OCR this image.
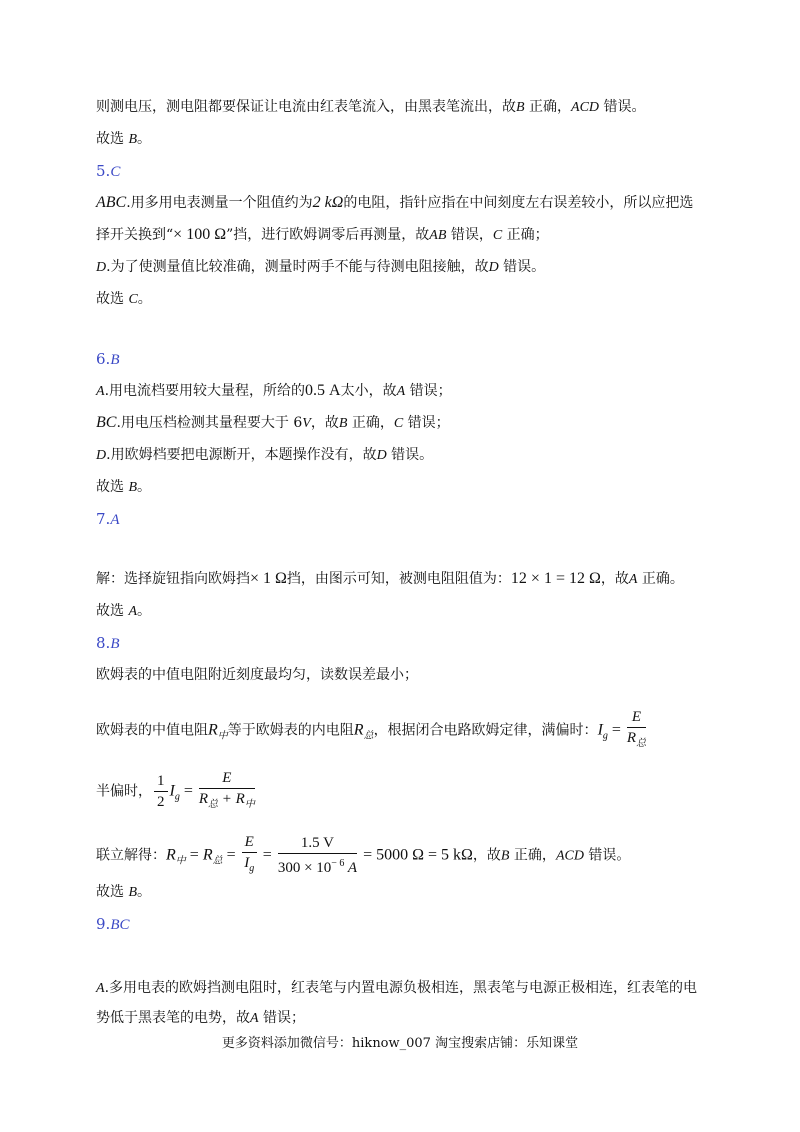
则测电压，测电阻都要保证让电流由红表笔流入，由黑表笔流出，故B 正确，ACD 错误。
故选 B。
5.C
ABC.用多用电表测量一个阻值约为2 kΩ的电阻，指针应指在中间刻度左右误差较小，所以应把选
择开关换到“× 100 Ω”挡，进行欧姆调零后再测量，故AB 错误，C 正确；
D.为了使测量值比较准确，测量时两手不能与待测电阻接触，故D 错误。
故选 C。
6.B
A.用电流档要用较大量程，所给的0.5 A太小，故A 错误；
BC.用电压档检测其量程要大于 6V，故B 正确，C 错误；
D.用欧姆档要把电源断开，本题操作没有，故D 错误。
故选 B。
7.A
解：选择旋钮指向欧姆挡× 1 Ω挡，由图示可知，被测电阻阻值为：12 × 1 = 12 Ω，故A 正确。
故选 A。
8.B
欧姆表的中值电阻附近刻度最均匀，读数误差最小；
欧姆表的中值电阻$R_中$等于欧姆表的内电阻$R_总$，根据闭合电路欧姆定律，满偏时：$I_g = \frac{E}{R_总}$
半偏时， $\frac{1}{2} I_g = \frac{E}{R_总 + R_中}$
联立解得：$R_中 = R_总 = \frac{E}{I_g} = \frac{1.5 V}{300 \times 10^{- 6} A} = 5000$ Ω = 5 kΩ，故B 正确，ACD 错误。
故选 B。
9.BC
A.多用电表的欧姆挡测电阻时，红表笔与内置电源负极相连，黑表笔与电源正极相连，红表笔的电
势低于黑表笔的电势，故A 错误；
更多资料添加微信号：hiknow_007 淘宝搜索店铺：乐知课堂
